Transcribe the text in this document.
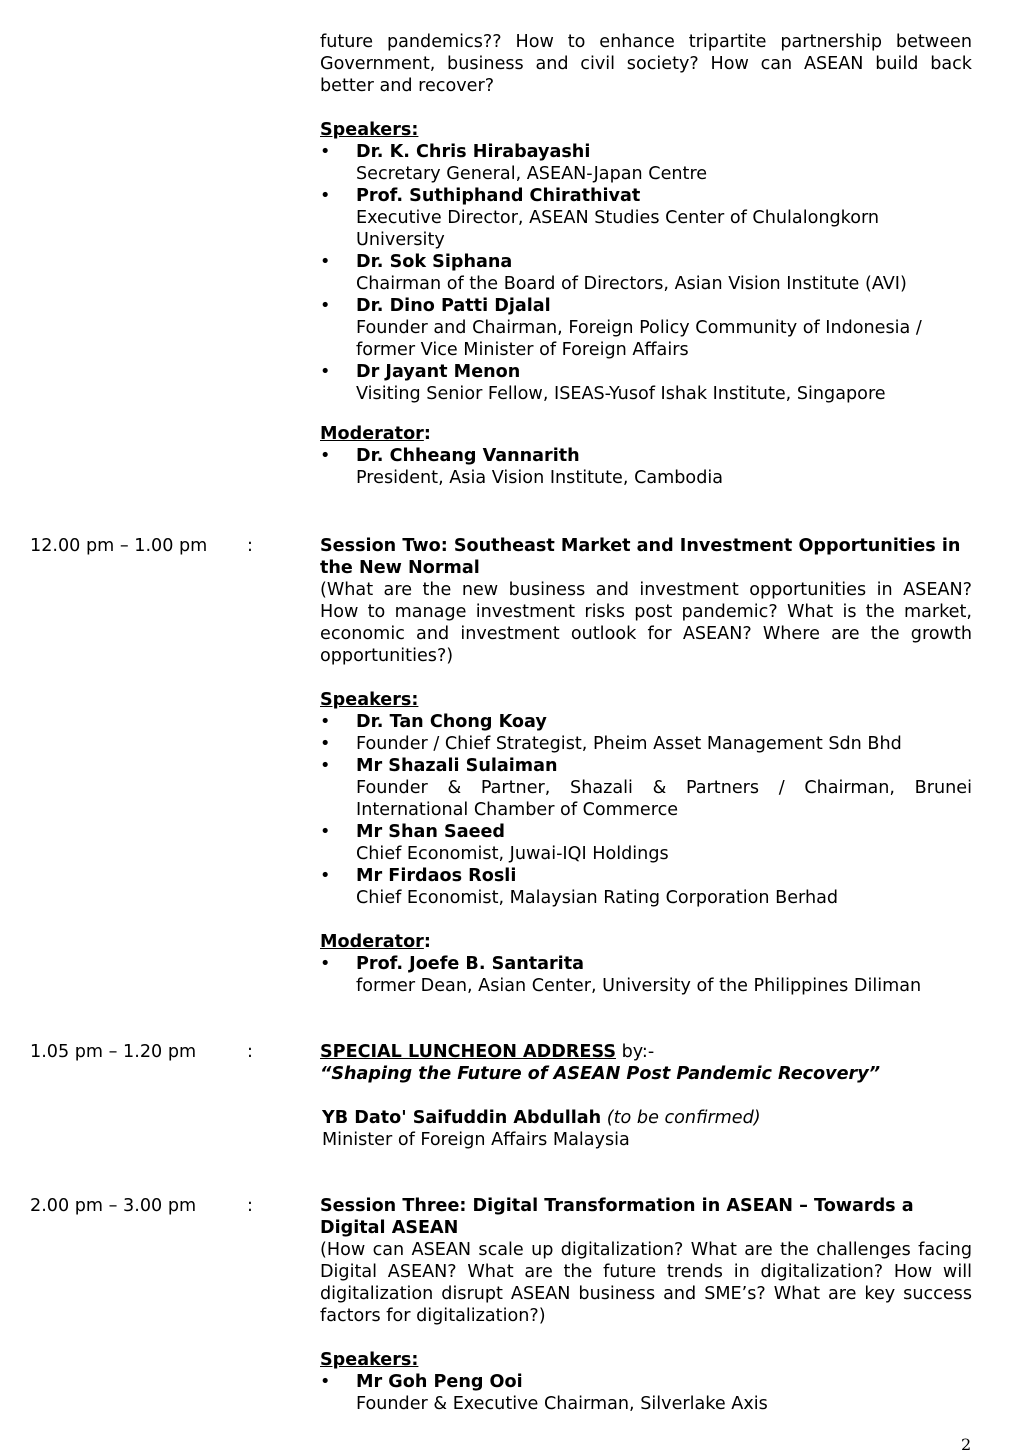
future pandemics?? How to enhance tripartite partnership between Government, business and civil society? How can ASEAN build back better and recover?
Speakers:
• Dr. K. Chris Hirabayashi
Secretary General, ASEAN-Japan Centre
• Prof. Suthiphand Chirathivat
Executive Director, ASEAN Studies Center of Chulalongkorn University
• Dr. Sok Siphana
Chairman of the Board of Directors, Asian Vision Institute (AVI)
• Dr. Dino Patti Djalal
Founder and Chairman, Foreign Policy Community of Indonesia / former Vice Minister of Foreign Affairs
• Dr Jayant Menon
Visiting Senior Fellow, ISEAS-Yusof Ishak Institute, Singapore
Moderator:
• Dr. Chheang Vannarith
President, Asia Vision Institute, Cambodia
12.00 pm – 1.00 pm :	Session Two: Southeast Market and Investment Opportunities in the New Normal
(What are the new business and investment opportunities in ASEAN? How to manage investment risks post pandemic? What is the market, economic and investment outlook for ASEAN? Where are the growth opportunities?)
Speakers:
• Dr. Tan Chong Koay
• Founder / Chief Strategist, Pheim Asset Management Sdn Bhd
• Mr Shazali Sulaiman
Founder & Partner, Shazali & Partners / Chairman, Brunei International Chamber of Commerce
• Mr Shan Saeed
Chief Economist, Juwai-IQI Holdings
• Mr Firdaos Rosli
Chief Economist, Malaysian Rating Corporation Berhad
Moderator:
• Prof. Joefe B. Santarita
former Dean, Asian Center, University of the Philippines Diliman
1.05 pm – 1.20 pm	:	SPECIAL LUNCHEON ADDRESS by:-
“Shaping the Future of ASEAN Post Pandemic Recovery”
YB Dato' Saifuddin Abdullah (to be confirmed)
Minister of Foreign Affairs Malaysia
2.00 pm – 3.00 pm	:	Session Three: Digital Transformation in ASEAN – Towards a Digital ASEAN
(How can ASEAN scale up digitalization? What are the challenges facing Digital ASEAN? What are the future trends in digitalization? How will digitalization disrupt ASEAN business and SME’s? What are key success factors for digitalization?)
Speakers:
• Mr Goh Peng Ooi
Founder & Executive Chairman, Silverlake Axis
2
